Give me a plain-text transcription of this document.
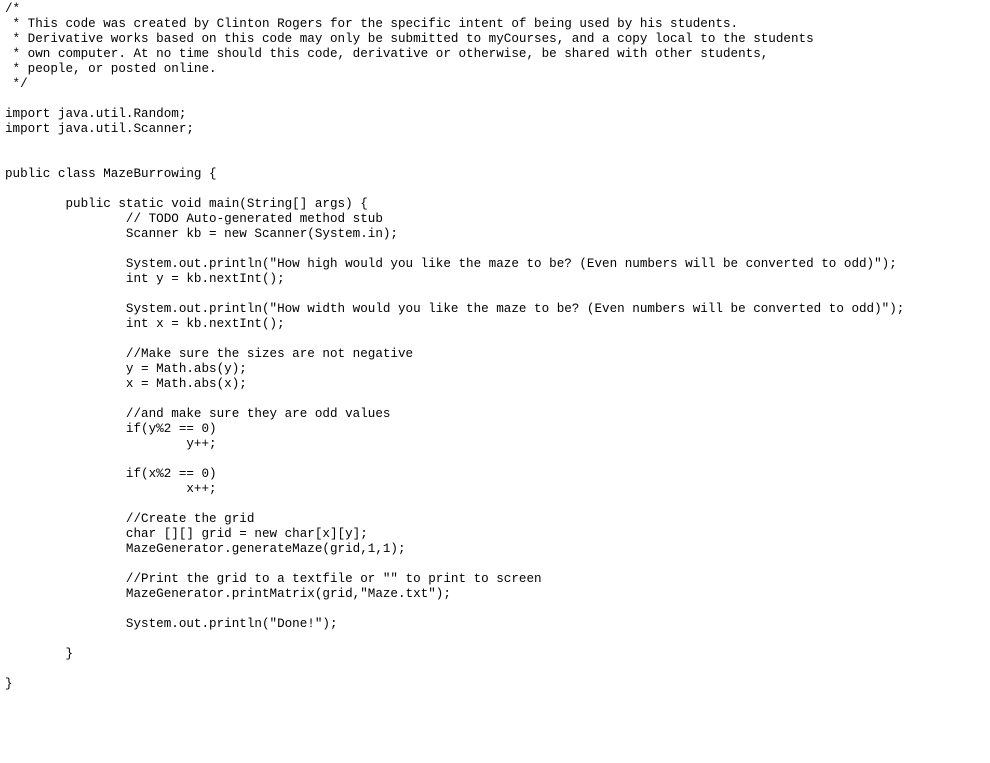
/*
* This code was created by Clinton Rogers for the specific intent of being used by his students.
* Derivative works based on this code may only be submitted to myCourses, and a copy local to the students
* own computer. At no time should this code, derivative or otherwise, be shared with other students,
* people, or posted online.
*/
import java.util.Random;
import java.util.Scanner;
public class MazeBurrowing {
public static void main(String[] args) {
// TODO Auto-generated method stub
Scanner kb = new Scanner(System.in);
System.out.println("How high would you like the maze to be? (Even numbers will be converted to odd)");
int y = kb.nextInt();
System.out.println("How width would you like the maze to be? (Even numbers will be converted to odd)");
int x = kb.nextInt();
//Make sure the sizes are not negative
y = Math.abs(y);
x = Math.abs(x);
//and make sure they are odd values
if(y%2 == 0)
y++;
if(x%2 == 0)
x++;
//Create the grid
char [][] grid = new char[x][y];
MazeGenerator.generateMaze(grid,1,1);
//Print the grid to a textfile or "" to print to screen
MazeGenerator.printMatrix(grid,"Maze.txt");
System.out.println("Done!");
}
}
